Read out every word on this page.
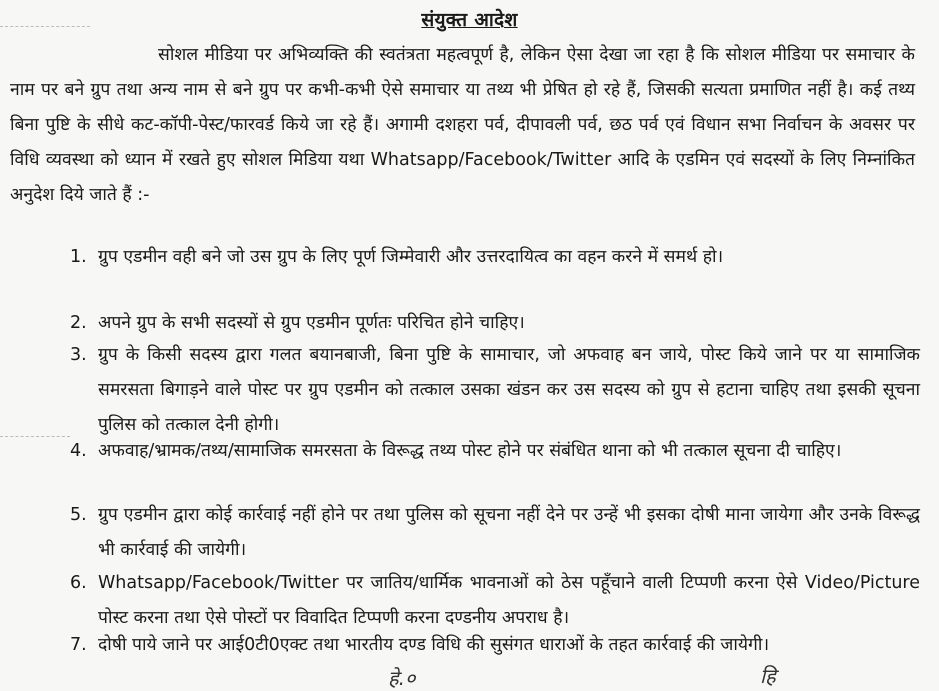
संयुक्त आदेश

सोशल मीडिया पर अभिव्यक्ति की स्वतंत्रता महत्वपूर्ण है, लेकिन ऐसा देखा जा रहा है कि सोशल मीडिया पर समाचार के नाम पर बने ग्रुप तथा अन्य नाम से बने ग्रुप पर कभी-कभी ऐसे समाचार या तथ्य भी प्रेषित हो रहे हैं, जिसकी सत्यता प्रमाणित नहीं है। कई तथ्य बिना पुष्टि के सीधे कट-कॉपी-पेस्ट/फारवर्ड किये जा रहे हैं। अगामी दशहरा पर्व, दीपावली पर्व, छठ पर्व एवं विधान सभा निर्वाचन के अवसर पर विधि व्यवस्था को ध्यान में रखते हुए सोशल मिडिया यथा Whatsapp/Facebook/Twitter आदि के एडमिन एवं सदस्यों के लिए निम्नांकित अनुदेश दिये जाते हैं :-

1. ग्रुप एडमीन वही बने जो उस ग्रुप के लिए पूर्ण जिम्मेवारी और उत्तरदायित्व का वहन करने में समर्थ हो।
2. अपने ग्रुप के सभी सदस्यों से ग्रुप एडमीन पूर्णतः परिचित होने चाहिए।
3. ग्रुप के किसी सदस्य द्वारा गलत बयानबाजी, बिना पुष्टि के सामाचार, जो अफवाह बन जाये, पोस्ट किये जाने पर या सामाजिक समरसता बिगाड़ने वाले पोस्ट पर ग्रुप एडमीन को तत्काल उसका खंडन कर उस सदस्य को ग्रुप से हटाना चाहिए तथा इसकी सूचना पुलिस को तत्काल देनी होगी।
4. अफवाह/भ्रामक/तथ्य/सामाजिक समरसता के विरूद्ध तथ्य पोस्ट होने पर संबंधित थाना को भी तत्काल सूचना दी चाहिए।
5. ग्रुप एडमीन द्वारा कोई कार्रवाई नहीं होने पर तथा पुलिस को सूचना नहीं देने पर उन्हें भी इसका दोषी माना जायेगा और उनके विरूद्ध भी कार्रवाई की जायेगी।
6. Whatsapp/Facebook/Twitter पर जातिय/धार्मिक भावनाओं को ठेस पहूँचाने वाली टिप्पणी करना ऐसे Video/Picture पोस्ट करना तथा ऐसे पोस्टों पर विवादित टिप्पणी करना दण्डनीय अपराध है।
7. दोषी पाये जाने पर आई0टी0एक्ट तथा भारतीय दण्ड विधि की सुसंगत धाराओं के तहत कार्रवाई की जायेगी।
हे.०	हि
